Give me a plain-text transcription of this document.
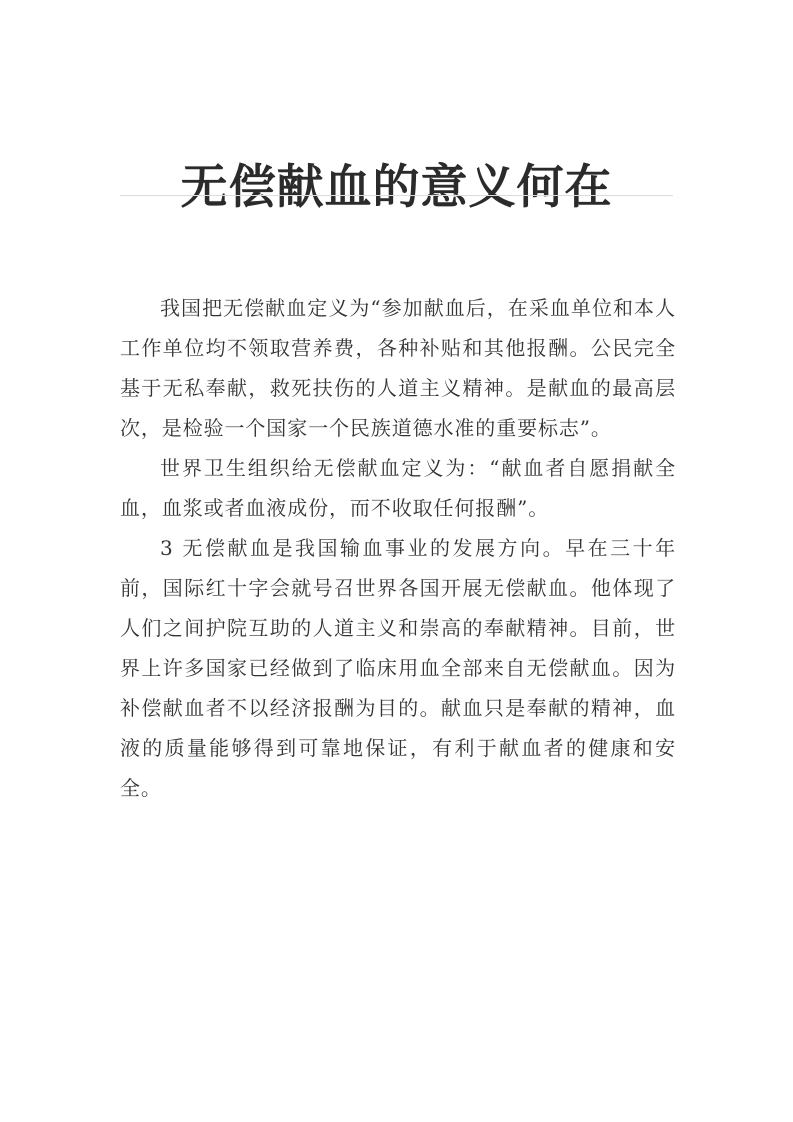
无偿献血的意义何在

我国把无偿献血定义为“参加献血后，在采血单位和本人工作单位均不领取营养费，各种补贴和其他报酬。公民完全基于无私奉献，救死扶伤的人道主义精神。是献血的最高层次，是检验一个国家一个民族道德水准的重要标志”。

世界卫生组织给无偿献血定义为：“献血者自愿捐献全血，血浆或者血液成份，而不收取任何报酬”。

3 无偿献血是我国输血事业的发展方向。早在三十年前，国际红十字会就号召世界各国开展无偿献血。他体现了人们之间护院互助的人道主义和崇高的奉献精神。目前，世界上许多国家已经做到了临床用血全部来自无偿献血。因为补偿献血者不以经济报酬为目的。献血只是奉献的精神，血液的质量能够得到可靠地保证，有利于献血者的健康和安全。
